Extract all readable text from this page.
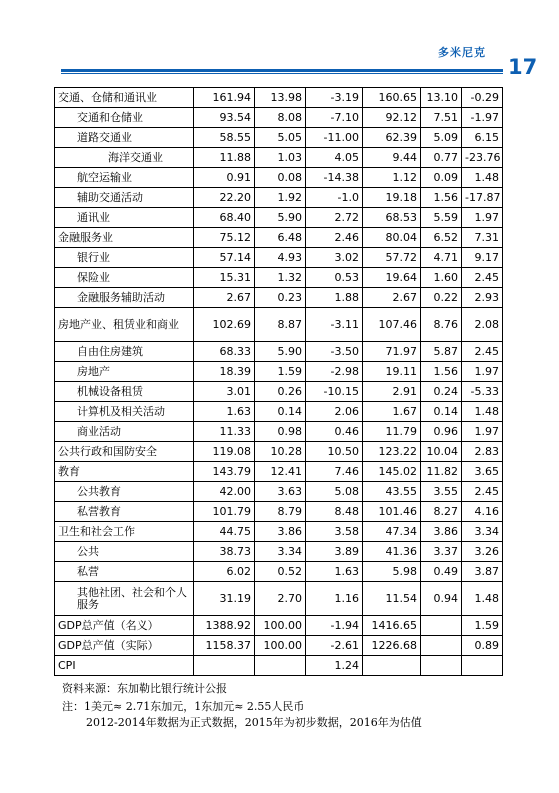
多米尼克
17
交通、仓储和通讯业	161.94	13.98	-3.19	160.65	13.10	-0.29
交通和仓储业	93.54	8.08	-7.10	92.12	7.51	-1.97
道路交通业	58.55	5.05	-11.00	62.39	5.09	6.15
海洋交通业	11.88	1.03	4.05	9.44	0.77	-23.76
航空运输业	0.91	0.08	-14.38	1.12	0.09	1.48
辅助交通活动	22.20	1.92	-1.0	19.18	1.56	-17.87
通讯业	68.40	5.90	2.72	68.53	5.59	1.97
金融服务业	75.12	6.48	2.46	80.04	6.52	7.31
银行业	57.14	4.93	3.02	57.72	4.71	9.17
保险业	15.31	1.32	0.53	19.64	1.60	2.45
金融服务辅助活动	2.67	0.23	1.88	2.67	0.22	2.93
房地产业、租赁业和商业	102.69	8.87	-3.11	107.46	8.76	2.08
自由住房建筑	68.33	5.90	-3.50	71.97	5.87	2.45
房地产	18.39	1.59	-2.98	19.11	1.56	1.97
机械设备租赁	3.01	0.26	-10.15	2.91	0.24	-5.33
计算机及相关活动	1.63	0.14	2.06	1.67	0.14	1.48
商业活动	11.33	0.98	0.46	11.79	0.96	1.97
公共行政和国防安全	119.08	10.28	10.50	123.22	10.04	2.83
教育	143.79	12.41	7.46	145.02	11.82	3.65
公共教育	42.00	3.63	5.08	43.55	3.55	2.45
私营教育	101.79	8.79	8.48	101.46	8.27	4.16
卫生和社会工作	44.75	3.86	3.58	47.34	3.86	3.34
公共	38.73	3.34	3.89	41.36	3.37	3.26
私营	6.02	0.52	1.63	5.98	0.49	3.87
其他社团、社会和个人服务	31.19	2.70	1.16	11.54	0.94	1.48
GDP总产值（名义）	1388.92	100.00	-1.94	1416.65		1.59
GDP总产值（实际）	1158.37	100.00	-2.61	1226.68		0.89
CPI			1.24			
资料来源：东加勒比银行统计公报
注：1美元≈ 2.71东加元，1东加元≈ 2.55人民币
2012-2014年数据为正式数据，2015年为初步数据，2016年为估值
